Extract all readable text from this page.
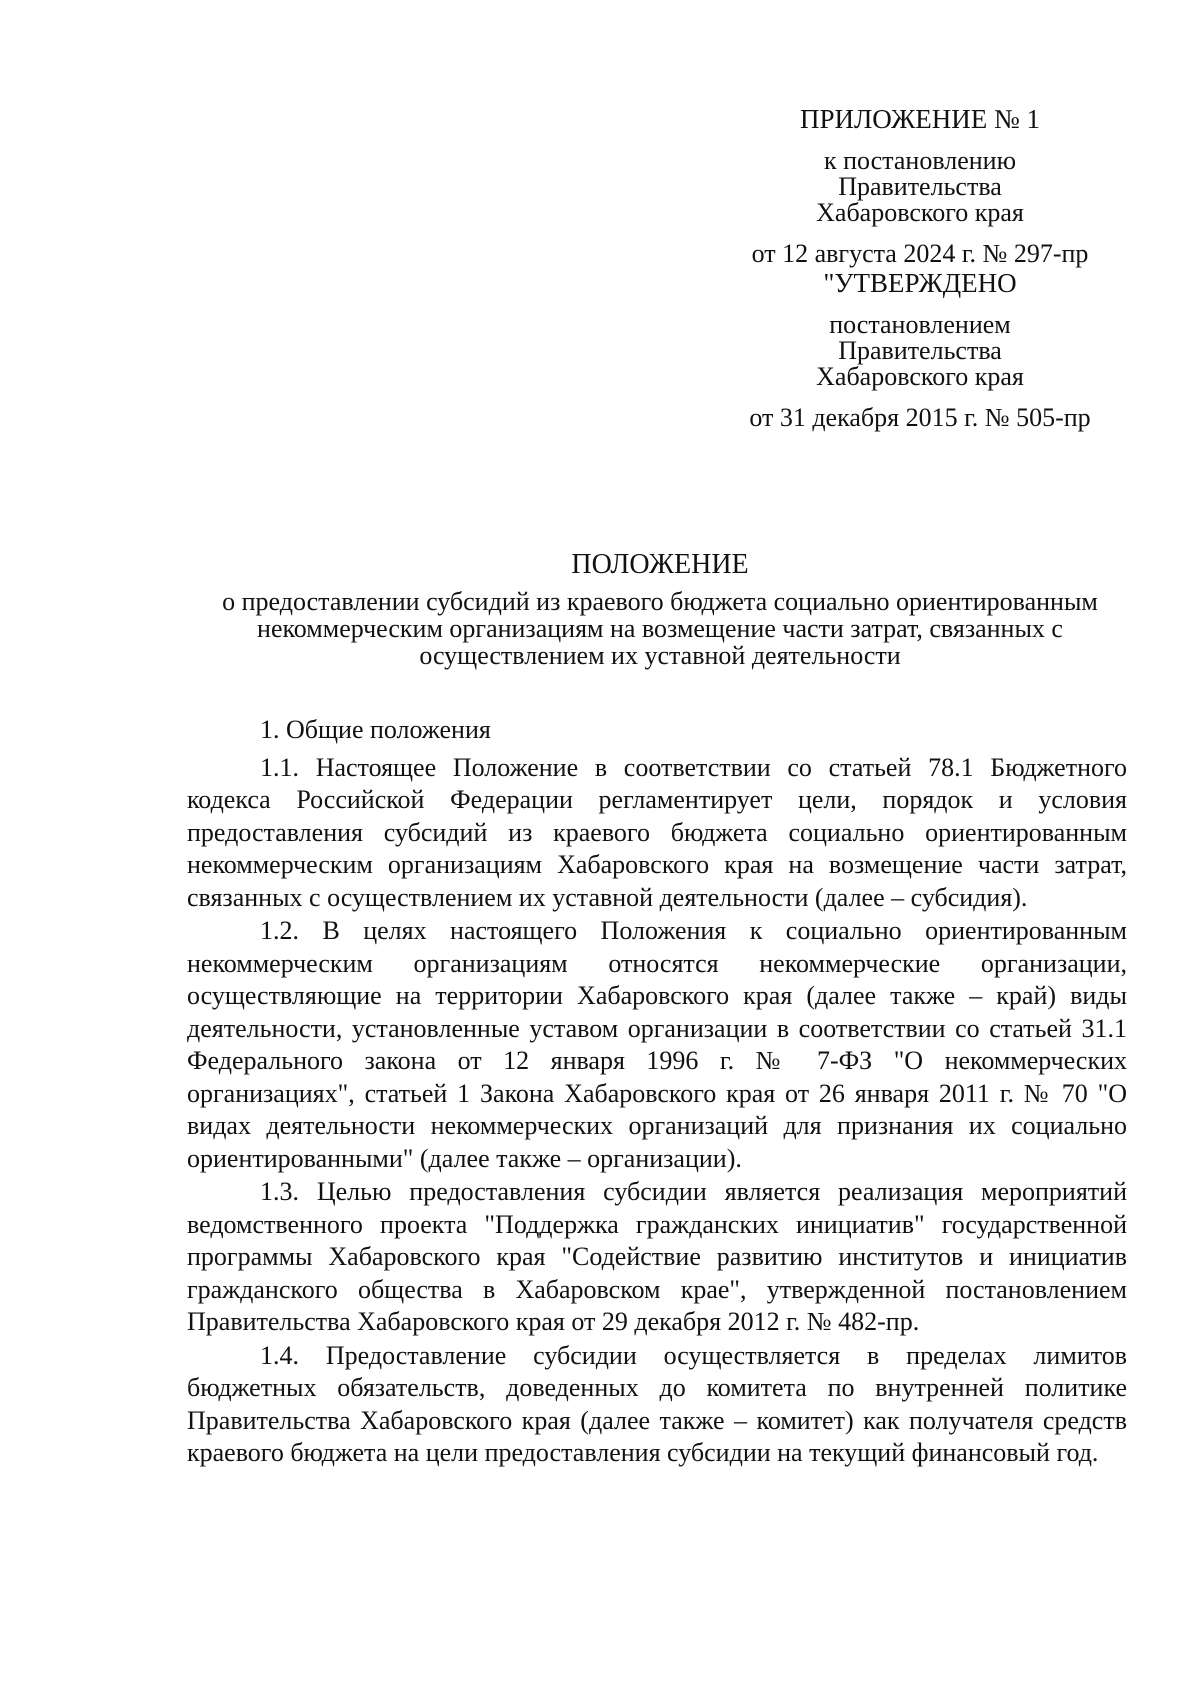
ПРИЛОЖЕНИЕ № 1
к постановлению
Правительства
Хабаровского края
от 12 августа 2024 г. № 297-пр
"УТВЕРЖДЕНО
постановлением
Правительства
Хабаровского края
от 31 декабря 2015 г. № 505-пр
ПОЛОЖЕНИЕ
о предоставлении субсидий из краевого бюджета социально ориентированным некоммерческим организациям на возмещение части затрат, связанных с осуществлением их уставной деятельности
1. Общие положения

1.1. Настоящее Положение в соответствии со статьей 78.1 Бюджетного кодекса Российской Федерации регламентирует цели, порядок и условия предоставления субсидий из краевого бюджета социально ориентированным некоммерческим организациям Хабаровского края на возмещение части затрат, связанных с осуществлением их уставной деятельности (далее – субсидия).

1.2. В целях настоящего Положения к социально ориентированным некоммерческим организациям относятся некоммерческие организации, осуществляющие на территории Хабаровского края (далее также – край) виды деятельности, установленные уставом организации в соответствии со статьей 31.1 Федерального закона от 12 января 1996 г. № 7-ФЗ "О некоммерческих организациях", статьей 1 Закона Хабаровского края от 26 января 2011 г. № 70 "О видах деятельности некоммерческих организаций для признания их социально ориентированными" (далее также – организации).

1.3. Целью предоставления субсидии является реализация мероприятий ведомственного проекта "Поддержка гражданских инициатив" государственной программы Хабаровского края "Содействие развитию институтов и инициатив гражданского общества в Хабаровском крае", утвержденной постановлением Правительства Хабаровского края от 29 декабря 2012 г. № 482-пр.

1.4. Предоставление субсидии осуществляется в пределах лимитов бюджетных обязательств, доведенных до комитета по внутренней политике Правительства Хабаровского края (далее также – комитет) как получателя средств краевого бюджета на цели предоставления субсидии на текущий финансовый год.
